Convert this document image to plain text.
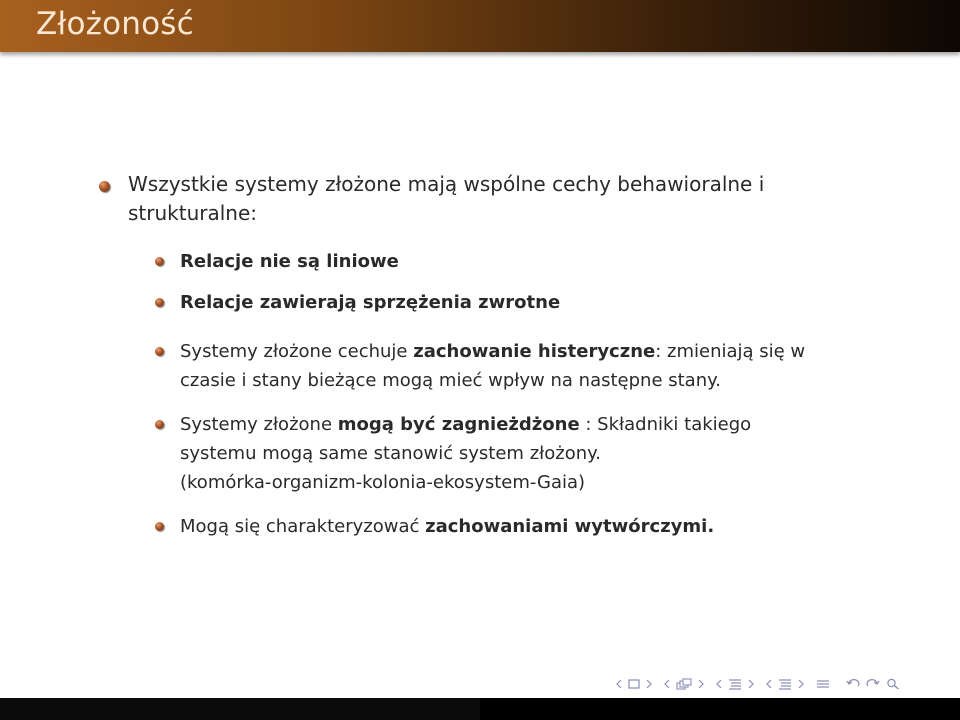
Złożoność

Wszystkie systemy złożone mają wspólne cechy behawioralne i
strukturalne:

Relacje nie są liniowe

Relacje zawierają sprzężenia zwrotne

Systemy złożone cechuje zachowanie histeryczne: zmieniają się w
czasie i stany bieżące mogą mieć wpływ na następne stany.

Systemy złożone mogą być zagnieżdżone : Składniki takiego
systemu mogą same stanowić system złożony.
(komórka-organizm-kolonia-ekosystem-Gaia)

Mogą się charakteryzować zachowaniami wytwórczymi.
